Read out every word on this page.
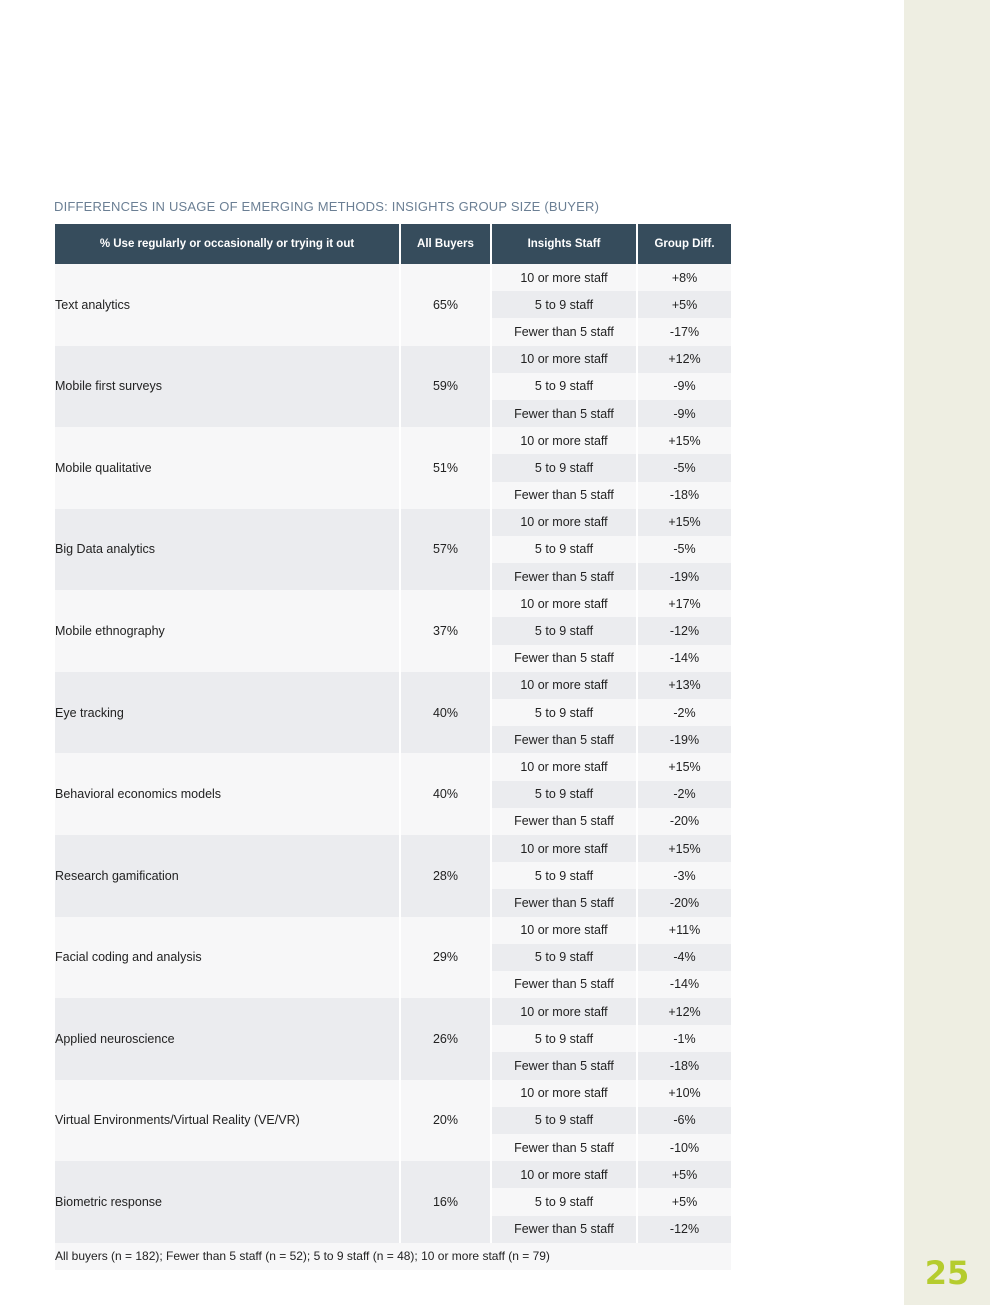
25
DIFFERENCES IN USAGE OF EMERGING METHODS: INSIGHTS GROUP SIZE (BUYER)
% Use regularly or occasionally or trying it out	All Buyers	Insights Staff	Group Diff.
Text analytics	65%	10 or more staff	+8%
		5 to 9 staff	+5%
		Fewer than 5 staff	-17%
Mobile first surveys	59%	10 or more staff	+12%
		5 to 9 staff	-9%
		Fewer than 5 staff	-9%
Mobile qualitative	51%	10 or more staff	+15%
		5 to 9 staff	-5%
		Fewer than 5 staff	-18%
Big Data analytics	57%	10 or more staff	+15%
		5 to 9 staff	-5%
		Fewer than 5 staff	-19%
Mobile ethnography	37%	10 or more staff	+17%
		5 to 9 staff	-12%
		Fewer than 5 staff	-14%
Eye tracking	40%	10 or more staff	+13%
		5 to 9 staff	-2%
		Fewer than 5 staff	-19%
Behavioral economics models	40%	10 or more staff	+15%
		5 to 9 staff	-2%
		Fewer than 5 staff	-20%
Research gamification	28%	10 or more staff	+15%
		5 to 9 staff	-3%
		Fewer than 5 staff	-20%
Facial coding and analysis	29%	10 or more staff	+11%
		5 to 9 staff	-4%
		Fewer than 5 staff	-14%
Applied neuroscience	26%	10 or more staff	+12%
		5 to 9 staff	-1%
		Fewer than 5 staff	-18%
Virtual Environments/Virtual Reality (VE/VR)	20%	10 or more staff	+10%
		5 to 9 staff	-6%
		Fewer than 5 staff	-10%
Biometric response	16%	10 or more staff	+5%
		5 to 9 staff	+5%
		Fewer than 5 staff	-12%
All buyers (n = 182); Fewer than 5 staff (n = 52); 5 to 9 staff (n = 48); 10 or more staff (n = 79)			
